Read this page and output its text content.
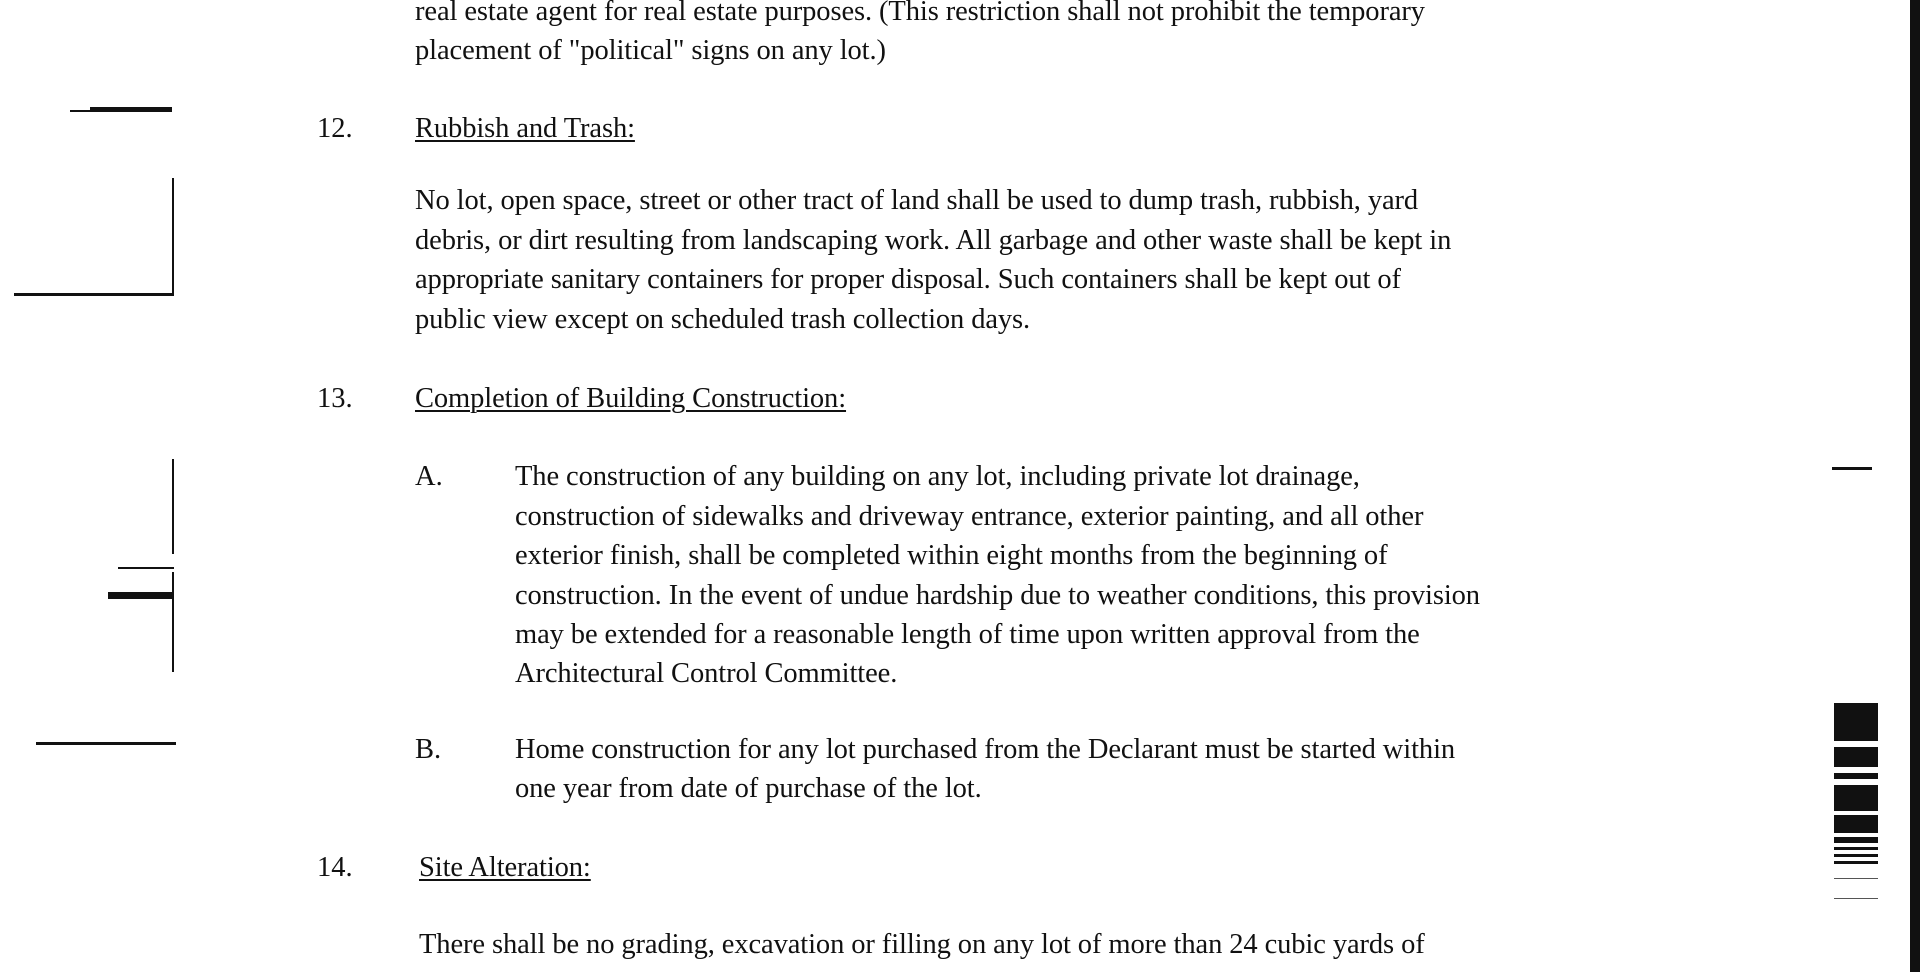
real estate agent for real estate purposes. (This restriction shall not prohibit the temporary
placement of "political" signs on any lot.)
12. Rubbish and Trash:
No lot, open space, street or other tract of land shall be used to dump trash, rubbish, yard
debris, or dirt resulting from landscaping work. All garbage and other waste shall be kept in
appropriate sanitary containers for proper disposal. Such containers shall be kept out of
public view except on scheduled trash collection days.
13. Completion of Building Construction:
A.	The construction of any building on any lot, including private lot drainage,
construction of sidewalks and driveway entrance, exterior painting, and all other
exterior finish, shall be completed within eight months from the beginning of
construction. In the event of undue hardship due to weather conditions, this provision
may be extended for a reasonable length of time upon written approval from the
Architectural Control Committee.
B.	Home construction for any lot purchased from the Declarant must be started within
one year from date of purchase of the lot.
14. Site Alteration:
There shall be no grading, excavation or filling on any lot of more than 24 cubic yards of
